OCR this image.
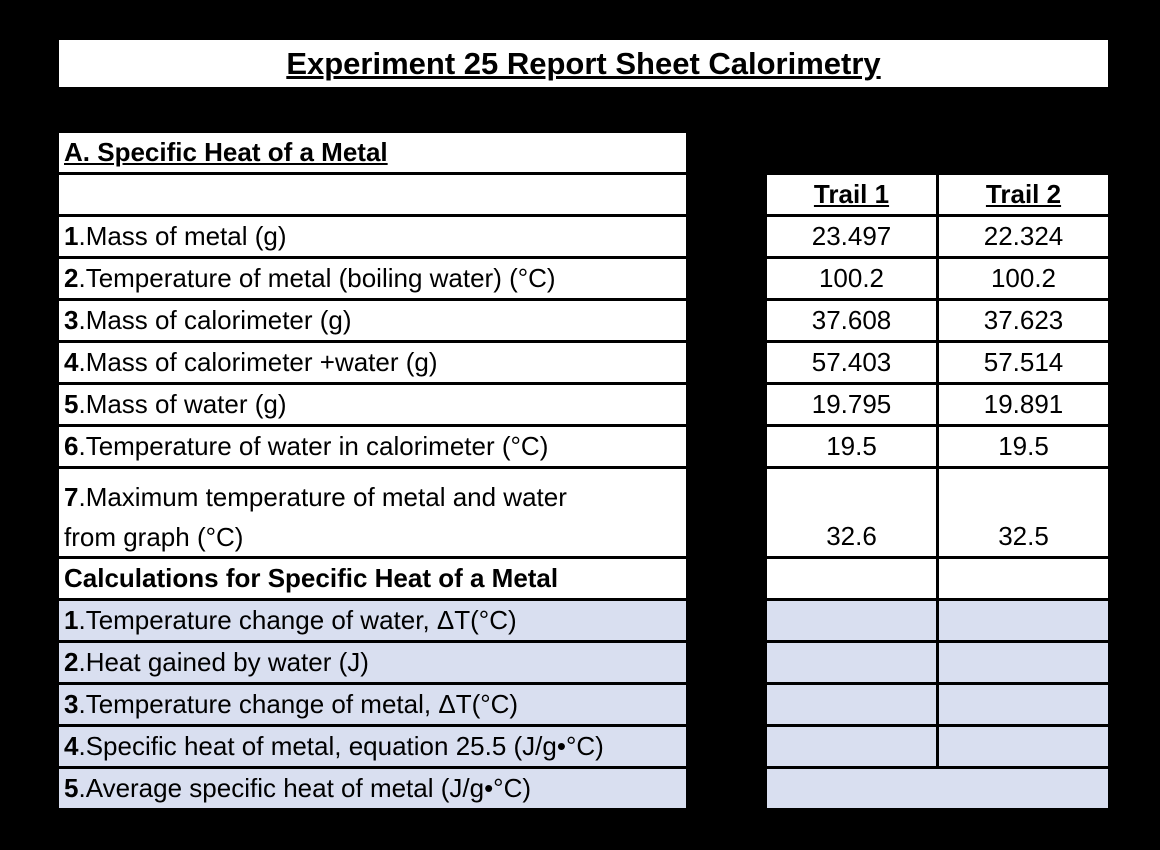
Experiment 25 Report Sheet Calorimetry
A. Specific Heat of a Metal
Trail 1	Trail 2
1 .Mass of metal (g)	23.497	22.324
2 .Temperature of metal (boiling water) (°C)	100.2	100.2
3 .Mass of calorimeter (g)	37.608	37.623
4 .Mass of calorimeter +water (g)	57.403	57.514
5 .Mass of water (g)	19.795	19.891
6 .Temperature of water in calorimeter (°C)	19.5	19.5
7.Maximum temperature of metal and water
from graph (°C)	32.6	32.5
Calculations for Specific Heat of a Metal
1 .Temperature change of water, ΔT(°C)
2 .Heat gained by water (J)
3 .Temperature change of metal, ΔT(°C)
4 .Specific heat of metal, equation 25.5 (J/g•°C)
5 .Average specific heat of metal (J/g•°C)
